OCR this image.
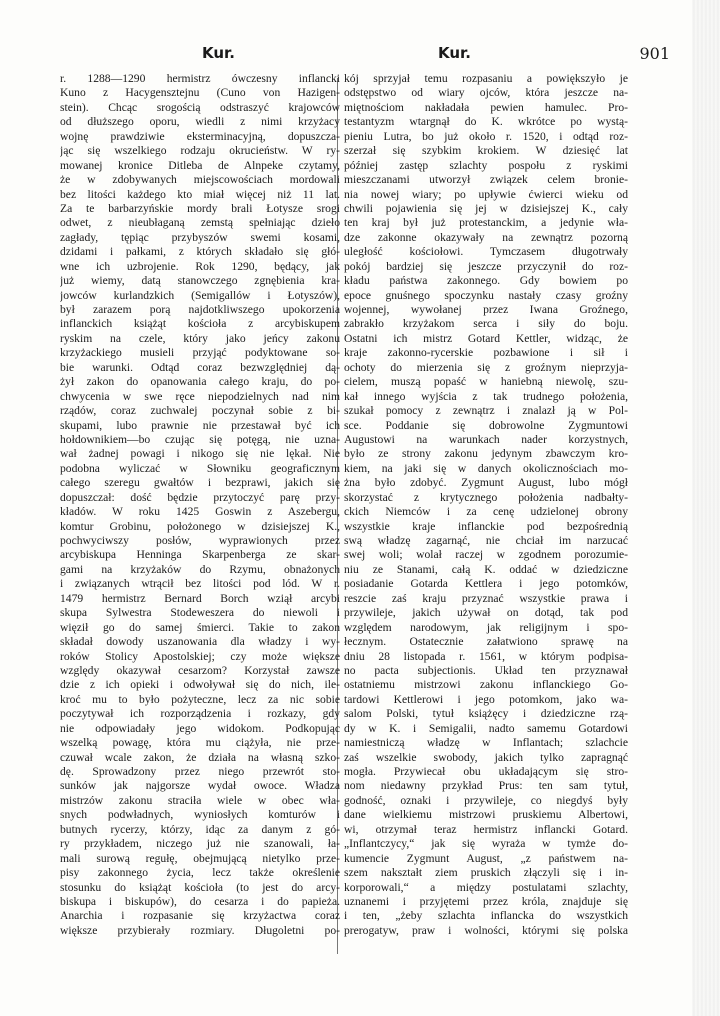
Kur.	Kur.	901
r. 1288—1290 hermistrz ówczesny inflancki
Kuno z Hacygensztejnu (Cuno von Hazigen-
stein). Chcąc srogością odstraszyć krajowców
od dłuższego oporu, wiedli z nimi krzyżacy
wojnę prawdziwie eksterminacyjną, dopuszcza-
jąc się wszelkiego rodzaju okrucieństw. W ry-
mowanej kronice Ditleba de Alnpeke czytamy,
że w zdobywanych miejscowościach mordowali
bez litości każdego kto miał więcej niż 11 lat.
Za te barbarzyńskie mordy brali Łotysze srogi
odwet, z nieubłaganą zemstą spełniając dzieło
zagłady, tępiąc przybyszów swemi kosami,
dzidami i pałkami, z których składało się głó-
wne ich uzbrojenie. Rok 1290, będący, jak
już wiemy, datą stanowczego zgnębienia kra-
jowców kurlandzkich (Semigallów i Łotyszów),
był zarazem porą najdotkliwszego upokorzenia
inflanckich książąt kościoła z arcybiskupem
ryskim na czele, który jako jeńcy zakonu
krzyżackiego musieli przyjąć podyktowane so-
bie warunki. Odtąd coraz bezwzględniej dą-
żył zakon do opanowania całego kraju, do po-
chwycenia w swe ręce niepodzielnych nad nim
rządów, coraz zuchwalej poczynał sobie z bi-
skupami, lubo prawnie nie przestawał być ich
hołdownikiem—bo czując się potęgą, nie uzna-
wał żadnej powagi i nikogo się nie lękał. Nie
podobna wyliczać w Słowniku geograficznym
całego szeregu gwałtów i bezprawi, jakich się
dopuszczał: dość będzie przytoczyć parę przy-
kładów. W roku 1425 Goswin z Aszebergu,
komtur Grobinu, położonego w dzisiejszej K.,
pochwyciwszy posłów, wyprawionych przez
arcybiskupa Henninga Skarpenberga ze skar-
gami na krzyżaków do Rzymu, obnażonych
i związanych wtrącił bez litości pod lód. W r.
1479 hermistrz Bernard Borch wziął arcybi
skupa Sylwestra Stodeweszera do niewoli i
więził go do samej śmierci. Takie to zakon
składał dowody uszanowania dla władzy i wy-
roków Stolicy Apostolskiej; czy może większe
względy okazywał cesarzom? Korzystał zawsze
dzie z ich opieki i odwoływał się do nich, ile-
kroć mu to było pożyteczne, lecz za nic sobie
poczytywał ich rozporządzenia i rozkazy, gdy
nie odpowiadały jego widokom. Podkopując
wszelką powagę, która mu ciążyła, nie prze-
czuwał wcale zakon, że działa na własną szko-
dę. Sprowadzony przez niego przewrót sto-
sunków jak najgorsze wydał owoce. Władza
mistrzów zakonu straciła wiele w obec wła-
snych podwładnych, wyniosłych komturów i
butnych rycerzy, którzy, idąc za danym z gó-
ry przykładem, niczego już nie szanowali, ła-
mali surową regułę, obejmującą nietylko prze-
pisy zakonnego życia, lecz także określenie
stosunku do książąt kościoła (to jest do arcy-
biskupa i biskupów), do cesarza i do papieża.
Anarchia i rozpasanie się krzyżactwa coraz
większe przybierały rozmiary. Długoletni po-
kój sprzyjał temu rozpasaniu a powiększyło je
odstępstwo od wiary ojców, która jeszcze na-
miętnościom nakładała pewien hamulec. Pro-
testantyzm wtargnął do K. wkrótce po wystą-
pieniu Lutra, bo już około r. 1520, i odtąd roz-
szerzał się szybkim krokiem. W dziesięć lat
później zastęp szlachty pospołu z ryskimi
mieszczanami utworzył związek celem bronie-
nia nowej wiary; po upływie ćwierci wieku od
chwili pojawienia się jej w dzisiejszej K., cały
ten kraj był już protestanckim, a jedynie wła-
dze zakonne okazywały na zewnątrz pozorną
uległość kościołowi. Tymczasem długotrwały
pokój bardziej się jeszcze przyczynił do roz-
kładu państwa zakonnego. Gdy bowiem po
epoce gnuśnego spoczynku nastały czasy groźny
wojennej, wywołanej przez Iwana Groźnego,
zabrakło krzyżakom serca i siły do boju.
Ostatni ich mistrz Gotard Kettler, widząc, że
kraje zakonno-rycerskie pozbawione i sił i
ochoty do mierzenia się z groźnym nieprzyja-
cielem, muszą popaść w haniebną niewolę, szu-
kał innego wyjścia z tak trudnego położenia,
szukał pomocy z zewnątrz i znalazł ją w Pol-
sce. Poddanie się dobrowolne Zygmuntowi
Augustowi na warunkach nader korzystnych,
było ze strony zakonu jedynym zbawczym kro-
kiem, na jaki się w danych okolicznościach mo-
żna było zdobyć. Zygmunt August, lubo mógł
skorzystać z krytycznego położenia nadbałty-
ckich Niemców i za cenę udzielonej obrony
wszystkie kraje inflanckie pod bezpośrednią
swą władzę zagarnąć, nie chciał im narzucać
swej woli; wolał raczej w zgodnem porozumie-
niu ze Stanami, całą K. oddać w dziedziczne
posiadanie Gotarda Kettlera i jego potomków,
reszcie zaś kraju przyznać wszystkie prawa i
przywileje, jakich używał on dotąd, tak pod
względem narodowym, jak religijnym i spo-
łecznym. Ostatecznie załatwiono sprawę na
dniu 28 listopada r. 1561, w którym podpisa-
no pacta subjectionis. Układ ten przyznawał
ostatniemu mistrzowi zakonu inflanckiego Go-
tardowi Kettlerowi i jego potomkom, jako wa-
salom Polski, tytuł książęcy i dziedziczne rzą-
dy w K. i Semigalii, nadto samemu Gotardowi
namiestniczą władzę w Inflantach; szlachcie
zaś wszelkie swobody, jakich tylko zapragnąć
mogła. Przywiecał obu układającym się stro-
nom niedawny przykład Prus: ten sam tytuł,
godność, oznaki i przywileje, co niegdyś były
dane wielkiemu mistrzowi pruskiemu Albertowi,
wi, otrzymał teraz hermistrz inflancki Gotard.
„Inflantczycy,“ jak się wyraża w tymże do-
kumencie Zygmunt August, „z państwem na-
szem nakształt ziem pruskich złączyli się i in-
korporowali,“ a między postulatami szlachty,
uznanemi i przyjętemi przez króla, znajduje się
i ten, „żeby szlachta inflancka do wszystkich
prerogatyw, praw i wolności, którymi się polska
